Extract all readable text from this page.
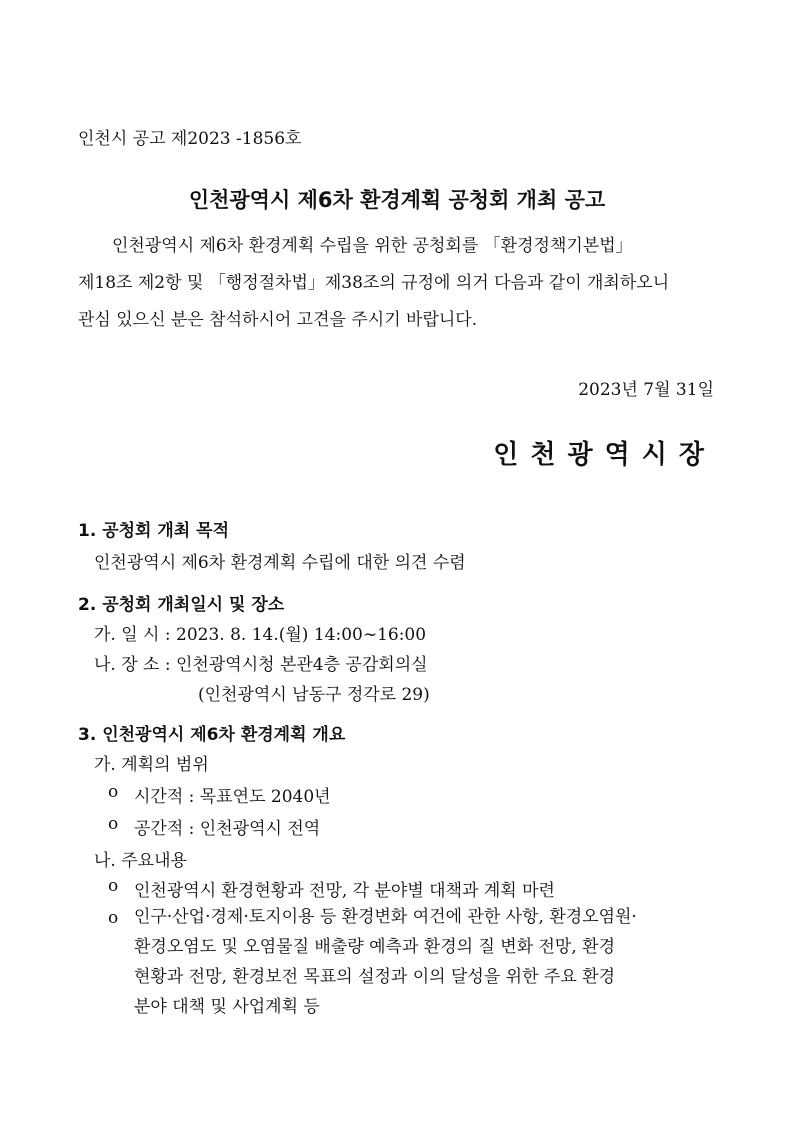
인천시 공고 제2023 -1856호
인천광역시 제6차 환경계획 공청회 개최 공고

인천광역시 제6차 환경계획 수립을 위한 공청회를 「환경정책기본법」

제18조 제2항 및 「행정절차법」제38조의 규정에 의거 다음과 같이 개최하오니

관심 있으신 분은 참석하시어 고견을 주시기 바랍니다.

2023년 7월 31일
인천광역시장
1. 공청회 개최 목적
인천광역시 제6차 환경계획 수립에 대한 의견 수렴
2. 공청회 개최일시 및 장소
가. 일 시 : 2023. 8. 14.(월) 14:00∼16:00
나. 장 소 : 인천광역시청 본관4층 공감회의실
(인천광역시 남동구 정각로 29)
3. 인천광역시 제6차 환경계획 개요
가. 계획의 범위
o 시간적 : 목표연도 2040년
o 공간적 : 인천광역시 전역
나. 주요내용
o 인천광역시 환경현황과 전망, 각 분야별 대책과 계획 마련
o 인구·산업·경제·토지이용 등 환경변화 여건에 관한 사항, 환경오염원·

환경오염도 및 오염물질 배출량 예측과 환경의 질 변화 전망, 환경

현황과 전망, 환경보전 목표의 설정과 이의 달성을 위한 주요 환경

분야 대책 및 사업계획 등
